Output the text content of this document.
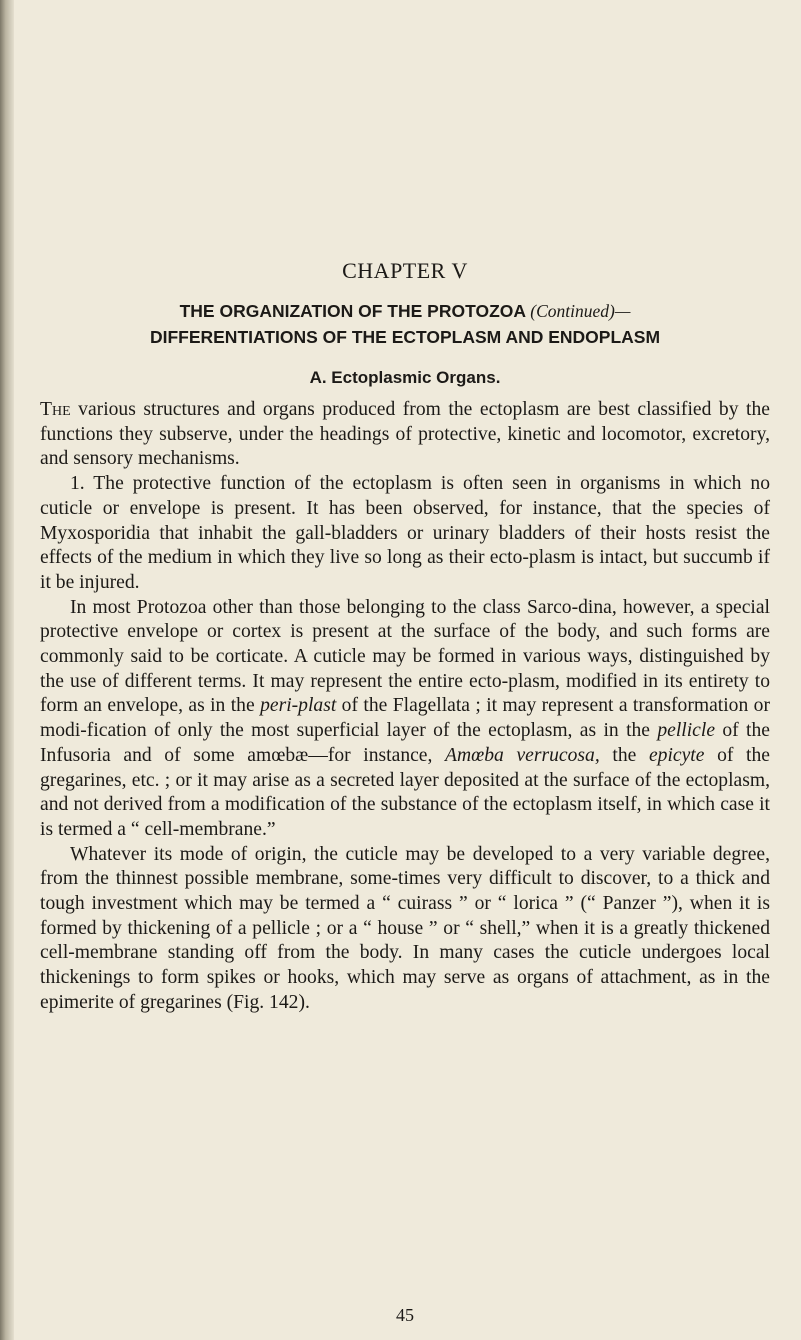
CHAPTER V
THE ORGANIZATION OF THE PROTOZOA (Continued)—
DIFFERENTIATIONS OF THE ECTOPLASM AND ENDOPLASM
A. Ectoplasmic Organs.

The various structures and organs produced from the ectoplasm are best classified by the functions they subserve, under the headings of protective, kinetic and locomotor, excretory, and sensory mechanisms.

1. The protective function of the ectoplasm is often seen in organisms in which no cuticle or envelope is present. It has been observed, for instance, that the species of Myxosporidia that inhabit the gall-bladders or urinary bladders of their hosts resist the effects of the medium in which they live so long as their ecto-plasm is intact, but succumb if it be injured.

In most Protozoa other than those belonging to the class Sarco-dina, however, a special protective envelope or cortex is present at the surface of the body, and such forms are commonly said to be corticate. A cuticle may be formed in various ways, distinguished by the use of different terms. It may represent the entire ecto-plasm, modified in its entirety to form an envelope, as in the peri-plast of the Flagellata ; it may represent a transformation or modi-fication of only the most superficial layer of the ectoplasm, as in the pellicle of the Infusoria and of some amœbæ—for instance, Amœba verrucosa, the epicyte of the gregarines, etc. ; or it may arise as a secreted layer deposited at the surface of the ectoplasm, and not derived from a modification of the substance of the ectoplasm itself, in which case it is termed a “ cell-membrane.”

Whatever its mode of origin, the cuticle may be developed to a very variable degree, from the thinnest possible membrane, some-times very difficult to discover, to a thick and tough investment which may be termed a “ cuirass ” or “ lorica ” (“ Panzer ”), when it is formed by thickening of a pellicle ; or a “ house ” or “ shell,” when it is a greatly thickened cell-membrane standing off from the body. In many cases the cuticle undergoes local thickenings to form spikes or hooks, which may serve as organs of attachment, as in the epimerite of gregarines (Fig. 142).

45
